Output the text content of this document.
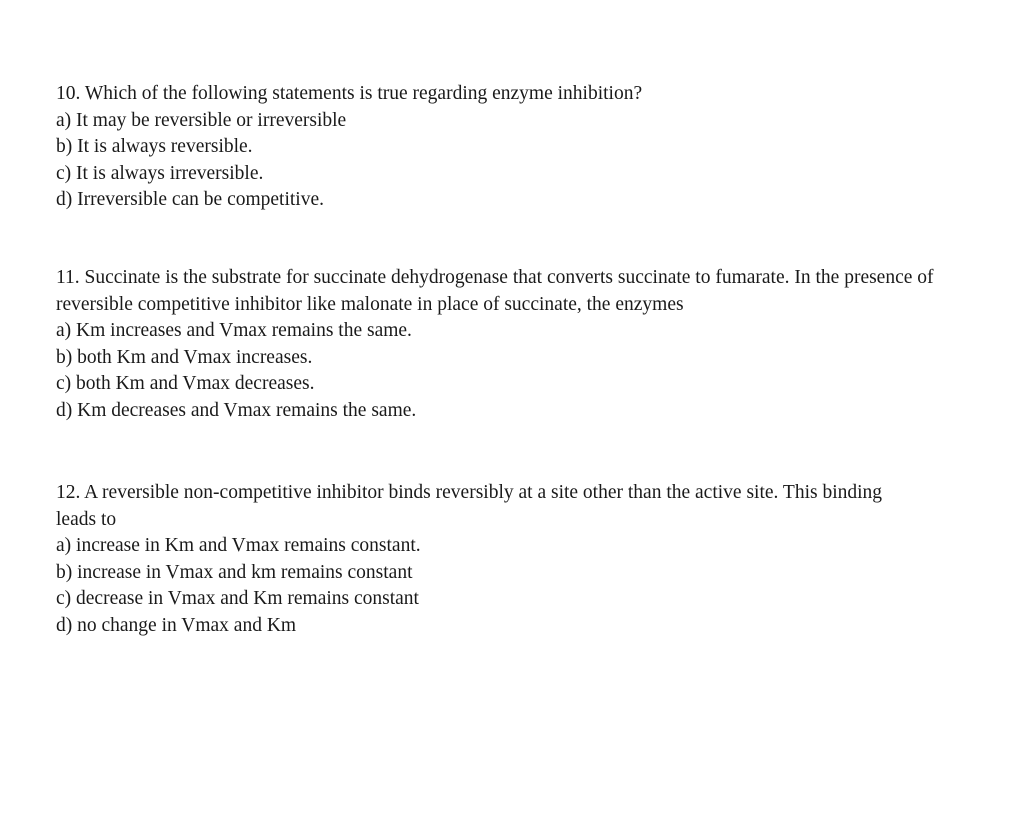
10. Which of the following statements is true regarding enzyme inhibition?
a) It may be reversible or irreversible
b) It is always reversible.
c) It is always irreversible.
d) Irreversible can be competitive.
11. Succinate is the substrate for succinate dehydrogenase that converts succinate to fumarate. In the presence of reversible competitive inhibitor like malonate in place of succinate, the enzymes
a) Km increases and Vmax remains the same.
b) both Km and Vmax increases.
c) both Km and Vmax decreases.
d) Km decreases and Vmax remains the same.
12. A reversible non-competitive inhibitor binds reversibly at a site other than the active site. This binding leads to
a) increase in Km and Vmax remains constant.
b) increase in Vmax and km remains constant
c) decrease in Vmax and Km remains constant
d) no change in Vmax and Km
